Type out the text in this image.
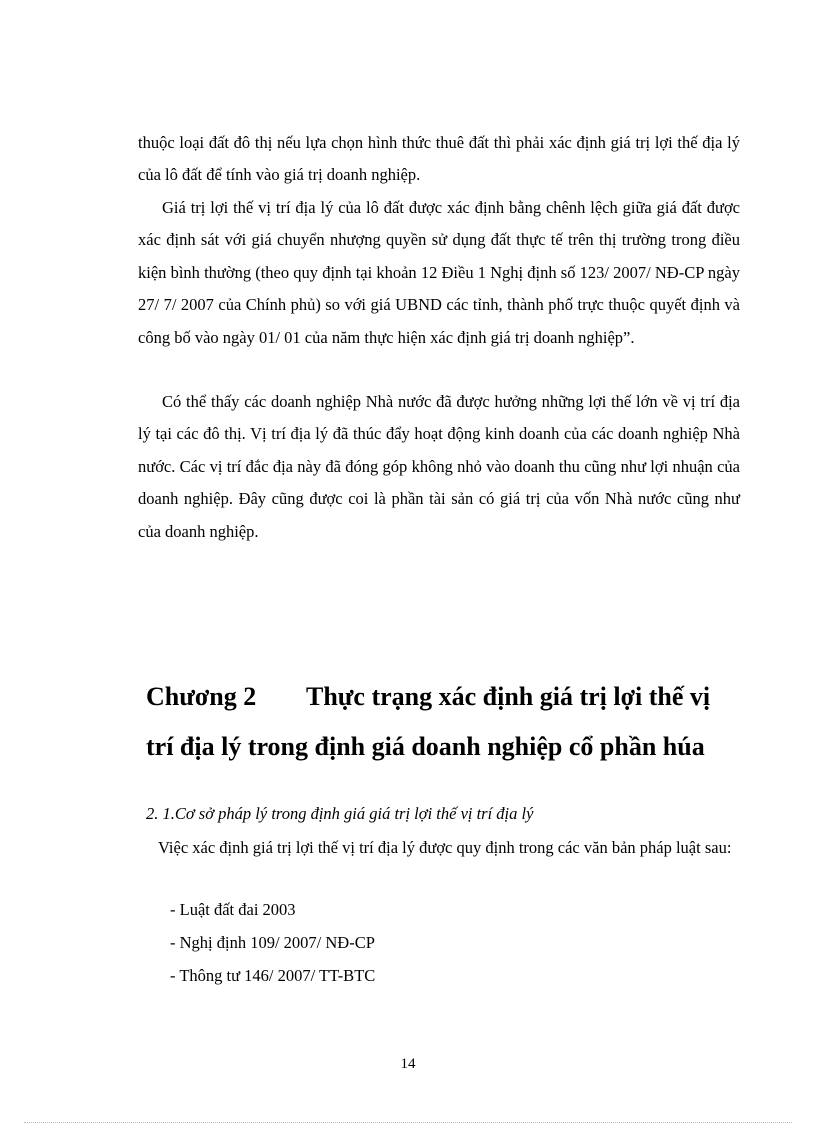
thuộc loại đất đô thị nếu lựa chọn hình thức thuê đất thì phải xác định giá trị lợi thế địa lý của lô đất để tính vào giá trị doanh nghiệp.

Giá trị lợi thế vị trí địa lý của lô đất được xác định bằng chênh lệch giữa giá đất được xác định sát với giá chuyển nhượng quyền sử dụng đất thực tế trên thị trường trong điều kiện bình thường (theo quy định tại khoản 12 Điều 1 Nghị định số 123/ 2007/ NĐ-CP ngày 27/ 7/ 2007 của Chính phủ) so với giá UBND các tỉnh, thành phố trực thuộc quyết định và công bố vào ngày 01/ 01 của năm thực hiện xác định giá trị doanh nghiệp”.

Có thể thấy các doanh nghiệp Nhà nước đã được hưởng những lợi thế lớn về vị trí địa lý tại các đô thị. Vị trí địa lý đã thúc đẩy hoạt động kinh doanh của các doanh nghiệp Nhà nước. Các vị trí đắc địa này đã đóng góp không nhỏ vào doanh thu cũng như lợi nhuận của doanh nghiệp. Đây cũng được coi là phần tài sản có giá trị của vốn Nhà nước cũng như của doanh nghiệp.

Chương 2 Thực trạng xác định giá trị lợi thế vị
trí địa lý trong định giá doanh nghiệp cổ phần húa

2. 1.Cơ sở pháp lý trong định giá giá trị lợi thế vị trí địa lý

Việc xác định giá trị lợi thế vị trí địa lý được quy định trong các văn bản pháp luật sau:

- Luật đất đai 2003

- Nghị định 109/ 2007/ NĐ-CP

- Thông tư 146/ 2007/ TT-BTC

14
